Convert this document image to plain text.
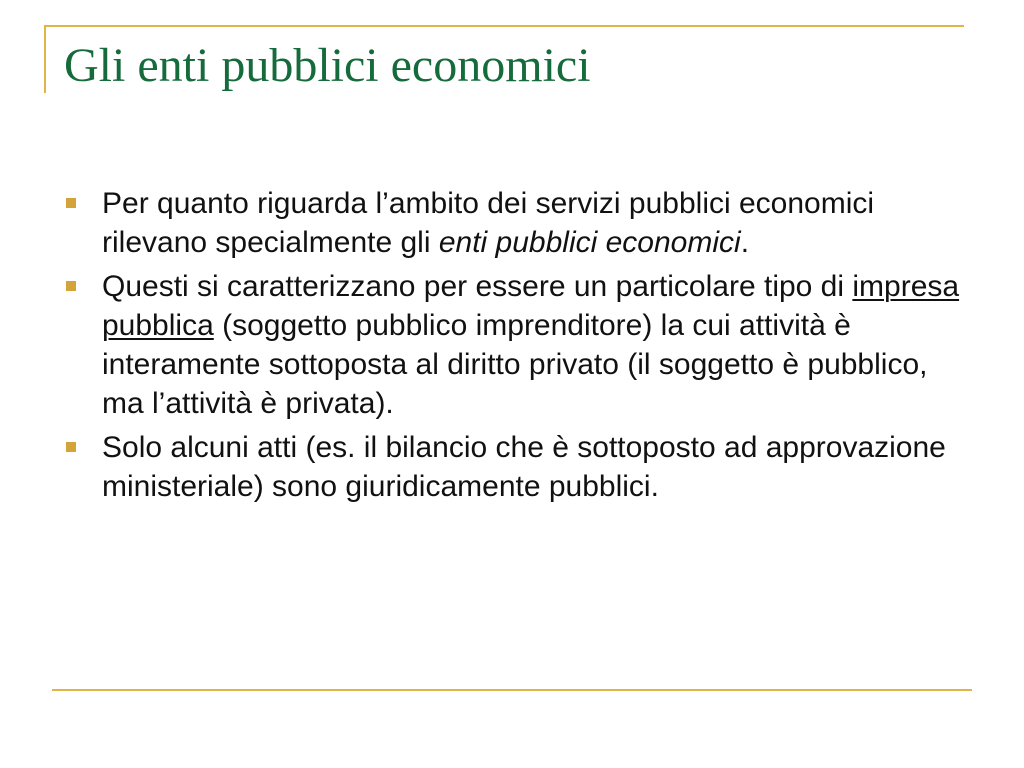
Gli enti pubblici economici
Per quanto riguarda l’ambito dei servizi pubblici economici rilevano specialmente gli enti pubblici economici.
Questi si caratterizzano per essere un particolare tipo di impresa pubblica (soggetto pubblico imprenditore) la cui attività è interamente sottoposta al diritto privato (il soggetto è pubblico, ma l’attività è privata).
Solo alcuni atti (es. il bilancio che è sottoposto ad approvazione ministeriale) sono giuridicamente pubblici.
